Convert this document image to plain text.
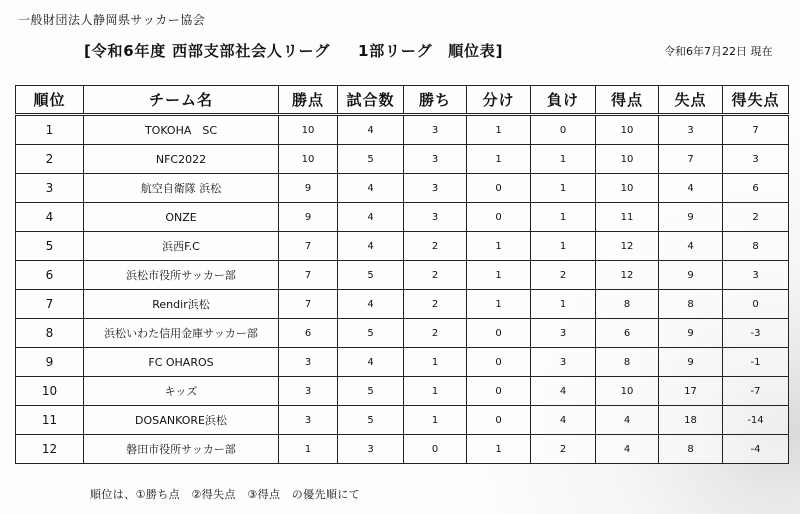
一般財団法人静岡県サッカー協会
[令和6年度 西部支部社会人リーグ　  1部リーグ　順位表]	令和6年7月22日 現在
順位	チーム名	勝点	試合数	勝ち	分け	負け	得点	失点	得失点
1	TOKOHA　SC	10	4	3	1	0	10	3	7
2	NFC2022	10	5	3	1	1	10	7	3
3	航空自衛隊 浜松	9	4	3	0	1	10	4	6
4	ONZE	9	4	3	0	1	11	9	2
5	浜西F.C	7	4	2	1	1	12	4	8
6	浜松市役所サッカー部	7	5	2	1	2	12	9	3
7	Rendir浜松	7	4	2	1	1	8	8	0
8	浜松いわた信用金庫サッカー部	6	5	2	0	3	6	9	-3
9	FC OHAROS	3	4	1	0	3	8	9	-1
10	キッズ	3	5	1	0	4	10	17	-7
11	DOSANKORE浜松	3	5	1	0	4	4	18	-14
12	磐田市役所サッカー部	1	3	0	1	2	4	8	-4
順位は、①勝ち点　②得失点　③得点　の優先順にて
